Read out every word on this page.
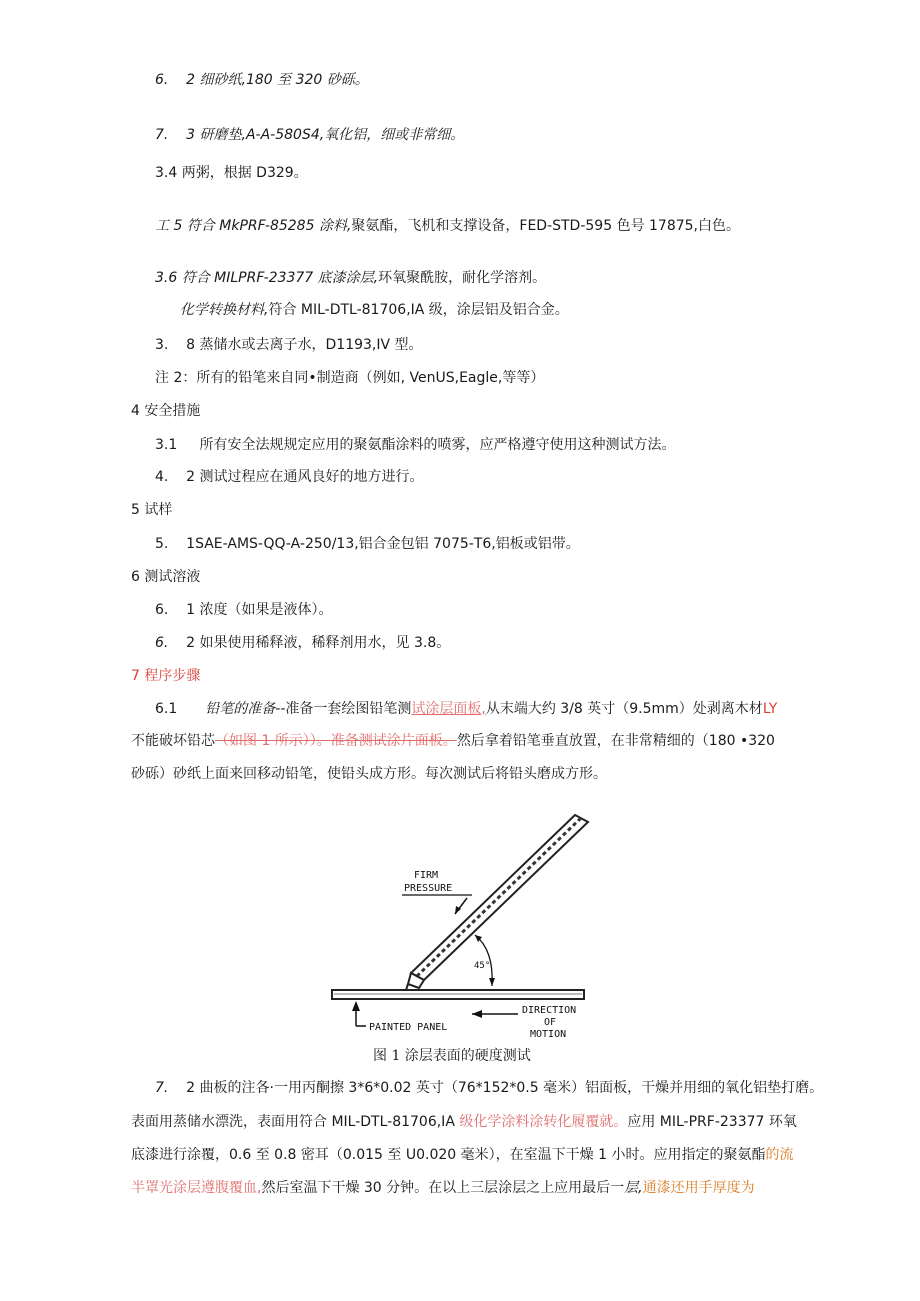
6.    2 细砂纸,180 至 320 砂砾。
7.    3 研磨垫,A-A-580S4,氧化铝，细或非常细。
3.4 两粥，根据 D329。
工 5 符合 MkPRF-85285 涂料,聚氨酯，飞机和支撑设备，FED-STD-595 色号 17875,白色。
3.6 符合 MILPRF-23377 底漆涂层,环氧聚酰胺，耐化学溶剂。
化学转换材料,符合 MIL-DTL-81706,IA 级，涂层铝及铝合金。
3.    8 蒸储水或去离子水，D1193,IV 型。
注 2：所有的铅笔来自同•制造商（例如, VenUS,Eagle,等等）
4 安全措施
3.1     所有安全法规规定应用的聚氨酯涂料的喷雾，应严格遵守使用这种测试方法。
4.    2 测试过程应在通风良好的地方进行。
5 试样
5.    1SAE-AMS-QQ-A-250/13,铝合金包铝 7075-T6,铝板或铝带。
6 测试溶液
6.    1 浓度（如果是液体）。
6.    2 如果使用稀释液，稀释剂用水，见 3.8。
7 程序步骤
6.1 铅笔的准备--准备一套绘图铅笔测试涂层面板,从末端大约 3/8 英寸（9.5mm）处剥离木材LY
不能破坏铅芯（如图 1 所示））。准备测试涂片面板。然后拿着铅笔垂直放置，在非常精细的（180 •320
砂砾）砂纸上面来回移动铅笔，使铅头成方形。每次测试后将铅头磨成方形。
FIRM
PRESSURE
45°
DIRECTION
OF
MOTION
PAINTED PANEL
图 1 涂层表面的硬度测试
7.    2 曲板的注各·一用丙酮擦 3*6*0.02 英寸（76*152*0.5 毫米）铝面板，干燥并用细的氧化铝垫打磨。
表面用蒸储水漂洗，表面用符合 MIL-DTL-81706,IA 级化学涂料涂转化履覆就。应用 MIL-PRF-23377 环氧
底漆进行涂覆，0.6 至 0.8 密耳（0.015 至 U0.020 毫米），在室温下干燥 1 小时。应用指定的聚氨酯的流
半罩光涂层遵腹覆血,然后室温下干燥 30 分钟。在以上三层涂层之上应用最后一层,通漆还用手厚度为
